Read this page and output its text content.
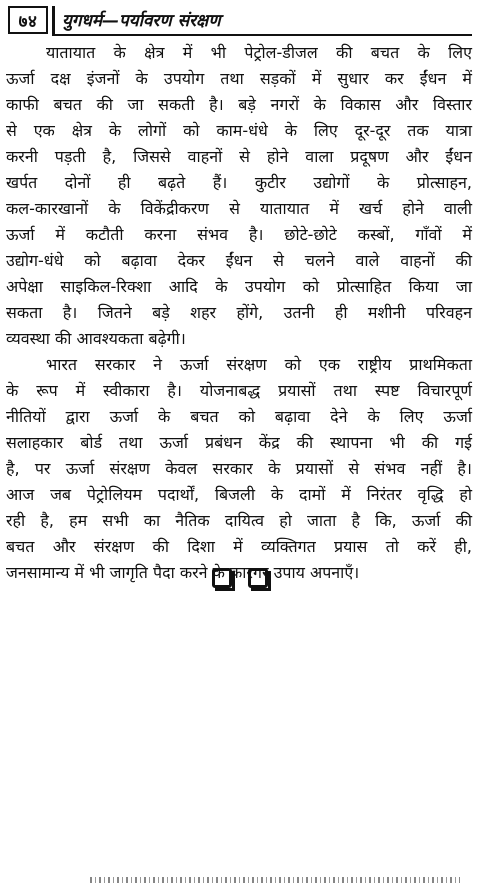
७४	युगधर्म—पर्यावरण संरक्षण
यातायात के क्षेत्र में भी पेट्रोल-डीजल की बचत के लिए
ऊर्जा दक्ष इंजनों के उपयोग तथा सड़कों में सुधार कर ईंधन में
काफी बचत की जा सकती है। बड़े नगरों के विकास और विस्तार
से एक क्षेत्र के लोगों को काम-धंधे के लिए दूर-दूर तक यात्रा
करनी पड़ती है, जिससे वाहनों से होने वाला प्रदूषण और ईंधन
खर्पत दोनों ही बढ़ते हैं। कुटीर उद्योगों के प्रोत्साहन,
कल-कारखानों के विकेंद्रीकरण से यातायात में खर्च होने वाली
ऊर्जा में कटौती करना संभव है। छोटे-छोटे कस्बों, गाँवों में
उद्योग-धंधे को बढ़ावा देकर ईंधन से चलने वाले वाहनों की
अपेक्षा साइकिल-रिक्शा आदि के उपयोग को प्रोत्साहित किया जा
सकता है। जितने बड़े शहर होंगे, उतनी ही मशीनी परिवहन
व्यवस्था की आवश्यकता बढ़ेगी।
भारत सरकार ने ऊर्जा संरक्षण को एक राष्ट्रीय प्राथमिकता
के रूप में स्वीकारा है। योजनाबद्ध प्रयासों तथा स्पष्ट विचारपूर्ण
नीतियों द्वारा ऊर्जा के बचत को बढ़ावा देने के लिए ऊर्जा
सलाहकार बोर्ड तथा ऊर्जा प्रबंधन केंद्र की स्थापना भी की गई
है, पर ऊर्जा संरक्षण केवल सरकार के प्रयासों से संभव नहीं है।
आज जब पेट्रोलियम पदार्थों, बिजली के दामों में निरंतर वृद्धि हो
रही है, हम सभी का नैतिक दायित्व हो जाता है कि, ऊर्जा की
बचत और संरक्षण की दिशा में व्यक्तिगत प्रयास तो करें ही,
जनसामान्य में भी जागृति पैदा करने के कारगर उपाय अपनाएँ।
